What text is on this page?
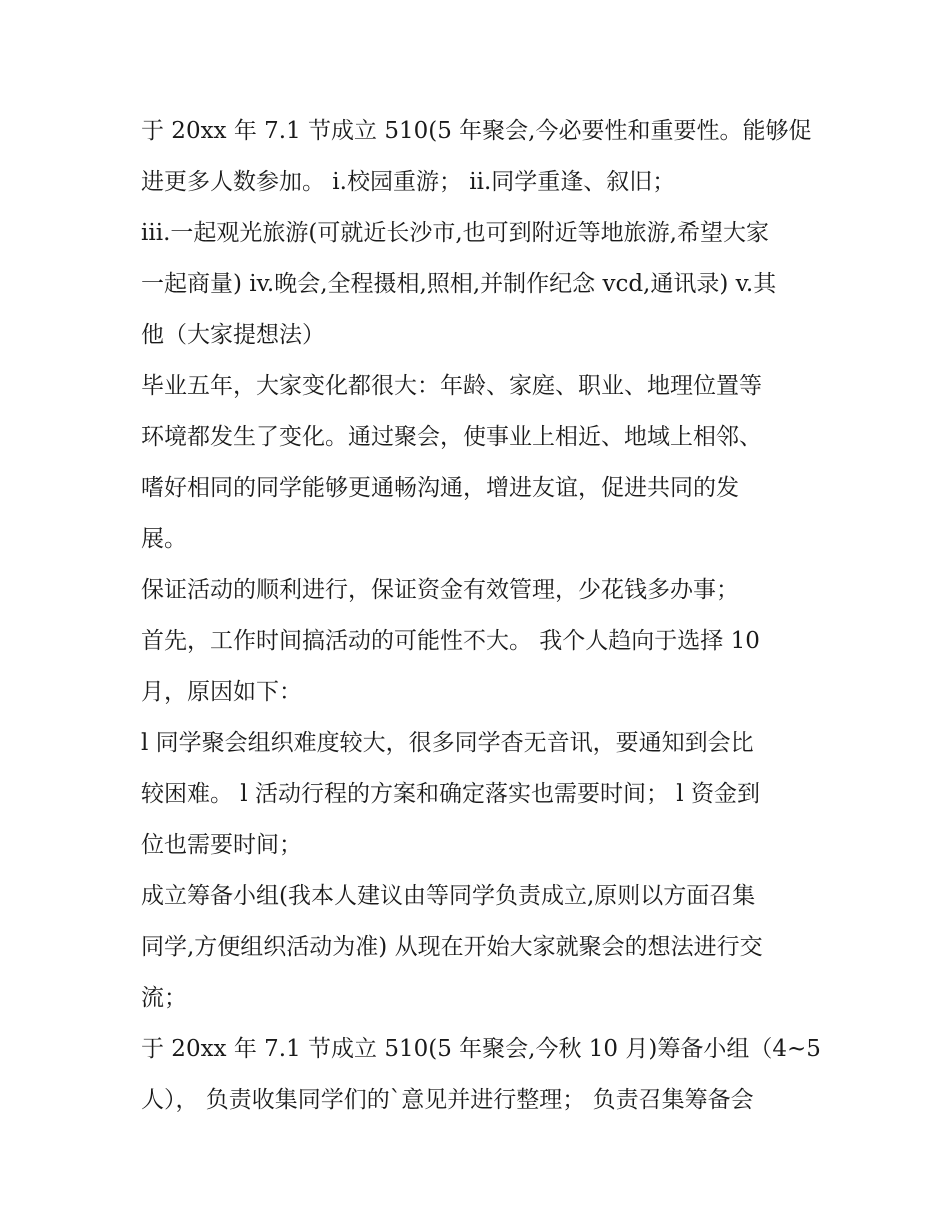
于 20xx 年 7.1 节成立 510(5 年聚会,今必要性和重要性。能够促
进更多人数参加。 i.校园重游； ii.同学重逢、叙旧；
iii.一起观光旅游(可就近长沙市,也可到附近等地旅游,希望大家
一起商量) iv.晚会,全程摄相,照相,并制作纪念 vcd,通讯录) v.其
他（大家提想法）
毕业五年，大家变化都很大：年龄、家庭、职业、地理位置等
环境都发生了变化。通过聚会，使事业上相近、地域上相邻、
嗜好相同的同学能够更通畅沟通，增进友谊，促进共同的发
展。
保证活动的顺利进行，保证资金有效管理，少花钱多办事；
首先，工作时间搞活动的可能性不大。 我个人趋向于选择 10
月，原因如下：
l 同学聚会组织难度较大，很多同学杳无音讯，要通知到会比
较困难。 l 活动行程的方案和确定落实也需要时间； l 资金到
位也需要时间；
成立筹备小组(我本人建议由等同学负责成立,原则以方面召集
同学,方便组织活动为准) 从现在开始大家就聚会的想法进行交
流；
于 20xx 年 7.1 节成立 510(5 年聚会,今秋 10 月)筹备小组（4~5
人）， 负责收集同学们的`意见并进行整理； 负责召集筹备会
